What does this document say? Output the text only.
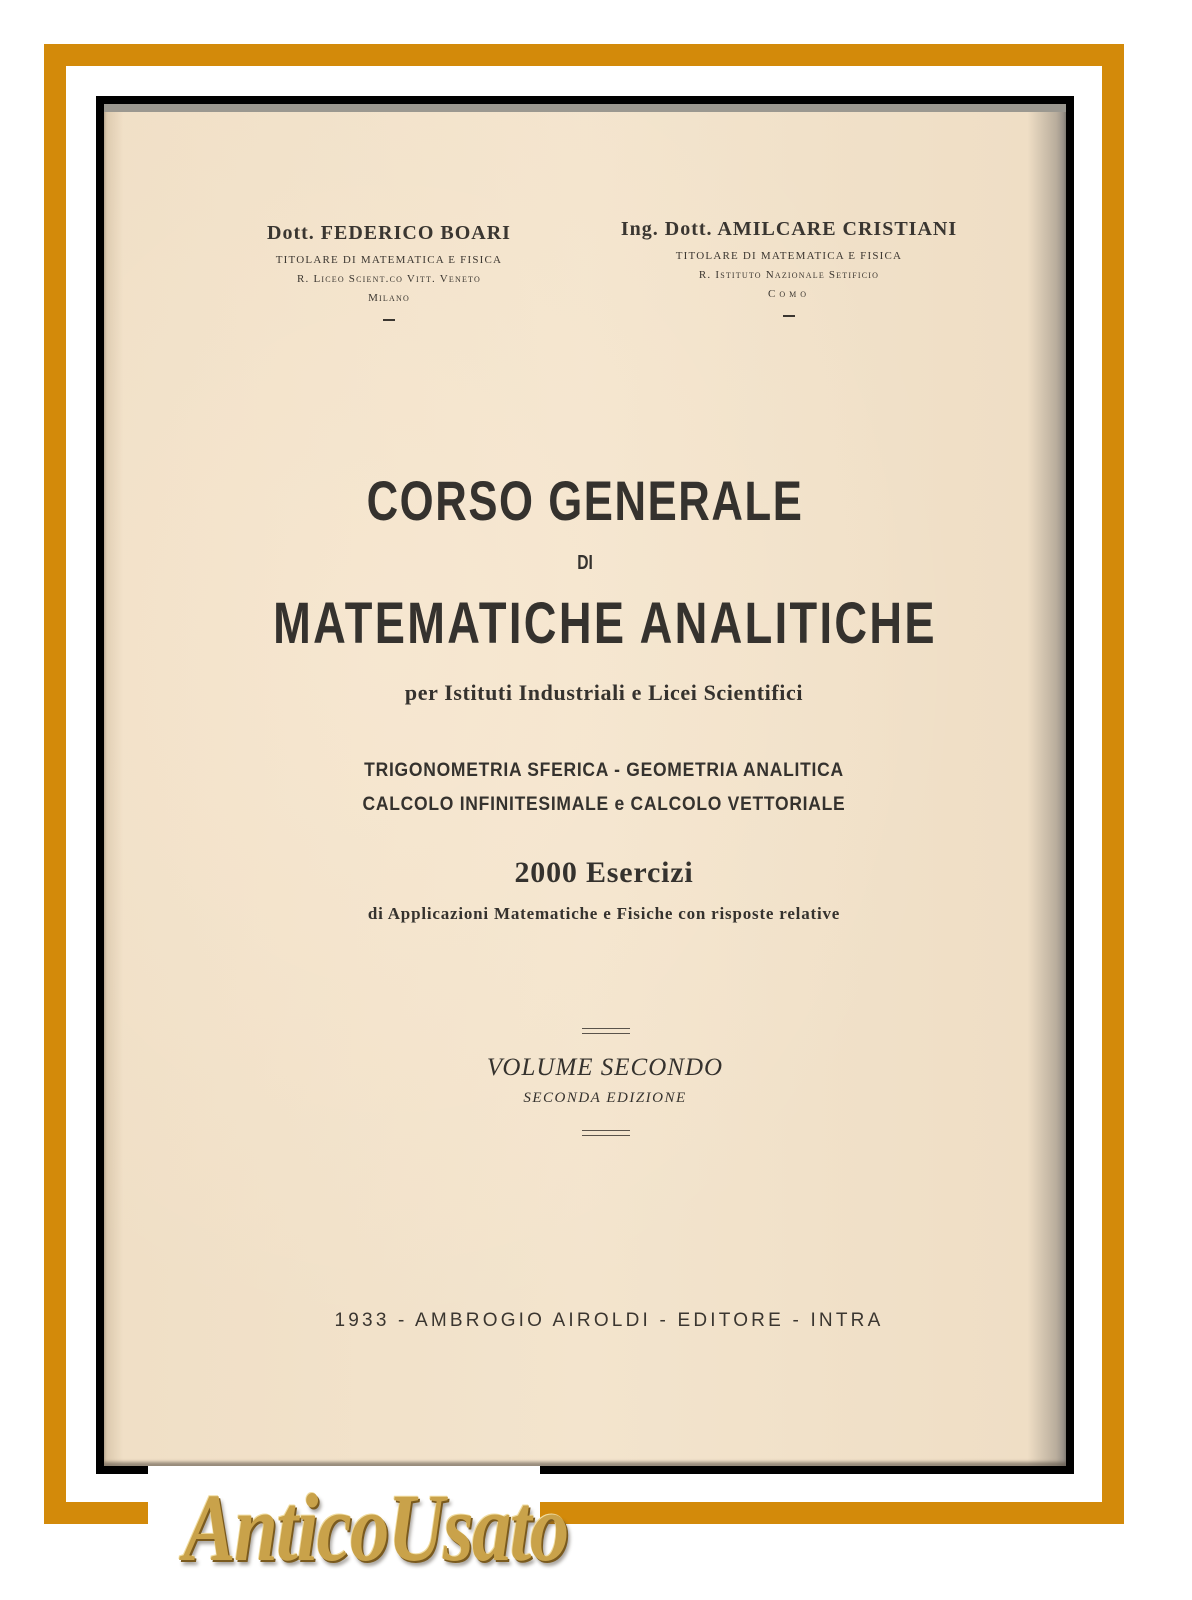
Dott. FEDERICO BOARI
TITOLARE DI MATEMATICA E FISICA
R. Liceo Scient.co Vitt. Veneto
Milano
Ing. Dott. AMILCARE CRISTIANI
TITOLARE DI MATEMATICA E FISICA
R. Istituto Nazionale Setificio
Como
CORSO GENERALE
DI
MATEMATICHE ANALITICHE
per Istituti Industriali e Licei Scientifici
TRIGONOMETRIA SFERICA - GEOMETRIA ANALITICA
CALCOLO INFINITESIMALE e CALCOLO VETTORIALE
2000 Esercizi
di Applicazioni Matematiche e Fisiche con risposte relative
VOLUME SECONDO
SECONDA EDIZIONE
1933 - AMBROGIO AIROLDI - EDITORE - INTRA
AnticoUsato
